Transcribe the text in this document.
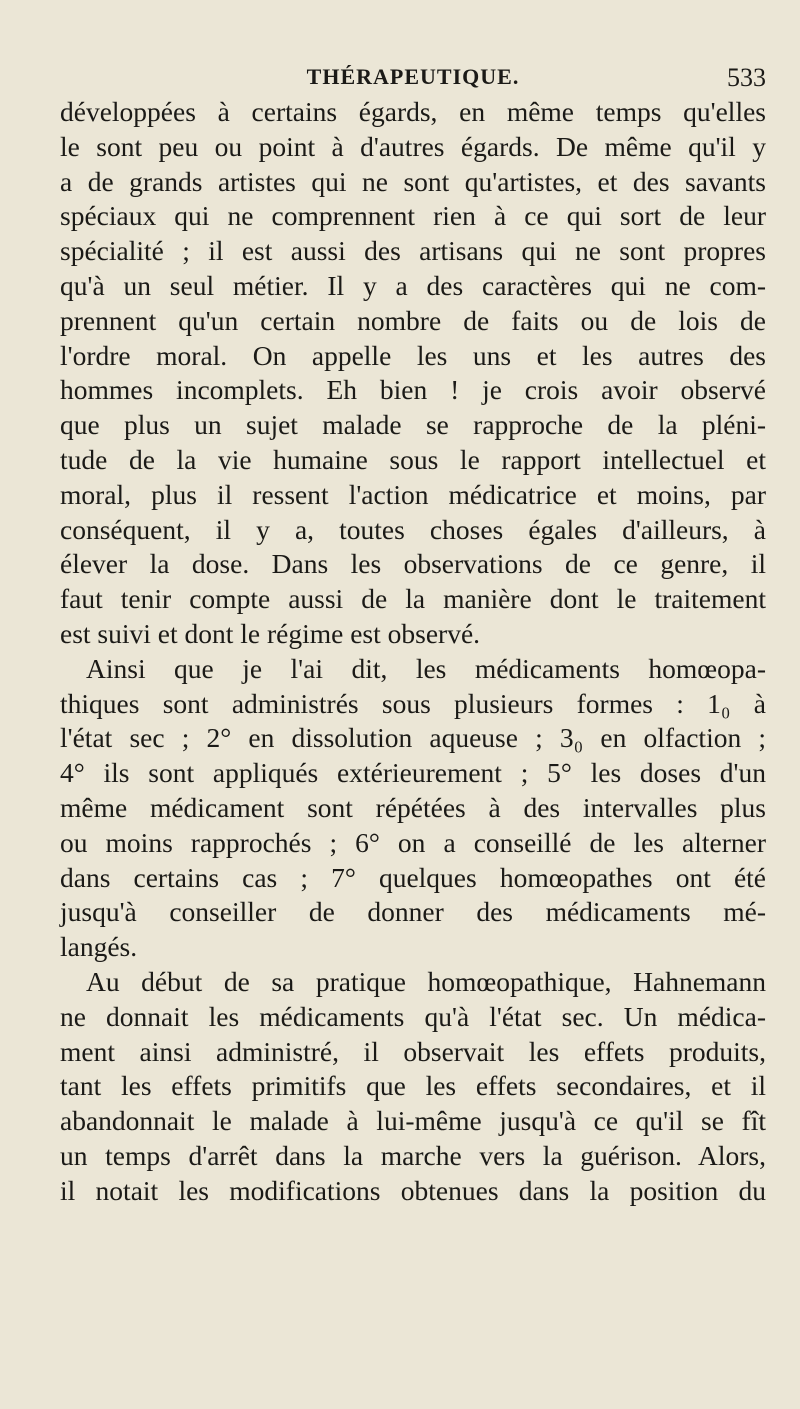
THÉRAPEUTIQUE.	533
développées à certains égards, en même temps qu'elles
le sont peu ou point à d'autres égards. De même qu'il y
a de grands artistes qui ne sont qu'artistes, et des savants
spéciaux qui ne comprennent rien à ce qui sort de leur
spécialité ; il est aussi des artisans qui ne sont propres
qu'à un seul métier. Il y a des caractères qui ne com-
prennent qu'un certain nombre de faits ou de lois de
l'ordre moral. On appelle les uns et les autres des
hommes incomplets. Eh bien ! je crois avoir observé
que plus un sujet malade se rapproche de la pléni-
tude de la vie humaine sous le rapport intellectuel et
moral, plus il ressent l'action médicatrice et moins, par
conséquent, il y a, toutes choses égales d'ailleurs, à
élever la dose. Dans les observations de ce genre, il
faut tenir compte aussi de la manière dont le traitement
est suivi et dont le régime est observé.
Ainsi que je l'ai dit, les médicaments homœopa-
thiques sont administrés sous plusieurs formes : 1₀ à
l'état sec ; 2° en dissolution aqueuse ; 3₀ en olfaction ;
4° ils sont appliqués extérieurement ; 5° les doses d'un
même médicament sont répétées à des intervalles plus
ou moins rapprochés ; 6° on a conseillé de les alterner
dans certains cas ; 7° quelques homœopathes ont été
jusqu'à conseiller de donner des médicaments mé-
langés.
Au début de sa pratique homœopathique, Hahnemann
ne donnait les médicaments qu'à l'état sec. Un médica-
ment ainsi administré, il observait les effets produits,
tant les effets primitifs que les effets secondaires, et il
abandonnait le malade à lui-même jusqu'à ce qu'il se fît
un temps d'arrêt dans la marche vers la guérison. Alors,
il notait les modifications obtenues dans la position du
